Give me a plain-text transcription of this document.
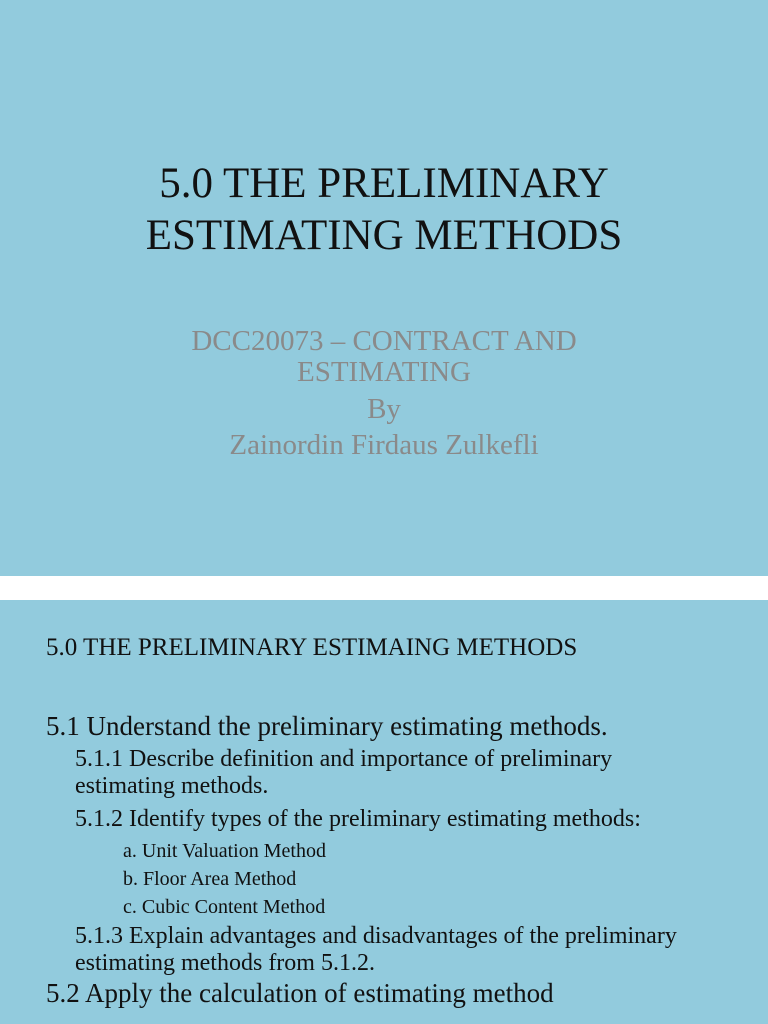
5.0 THE PRELIMINARY
ESTIMATING METHODS
DCC20073 – CONTRACT AND
ESTIMATING
By
Zainordin Firdaus Zulkefli
5.0 THE PRELIMINARY ESTIMAING METHODS
5.1 Understand the preliminary estimating methods.
5.1.1 Describe definition and importance of preliminary estimating methods.
5.1.2 Identify types of the preliminary estimating methods:
a. Unit Valuation Method
b. Floor Area Method
c. Cubic Content Method
5.1.3 Explain advantages and disadvantages of the preliminary estimating methods from 5.1.2.
5.2 Apply the calculation of estimating method
